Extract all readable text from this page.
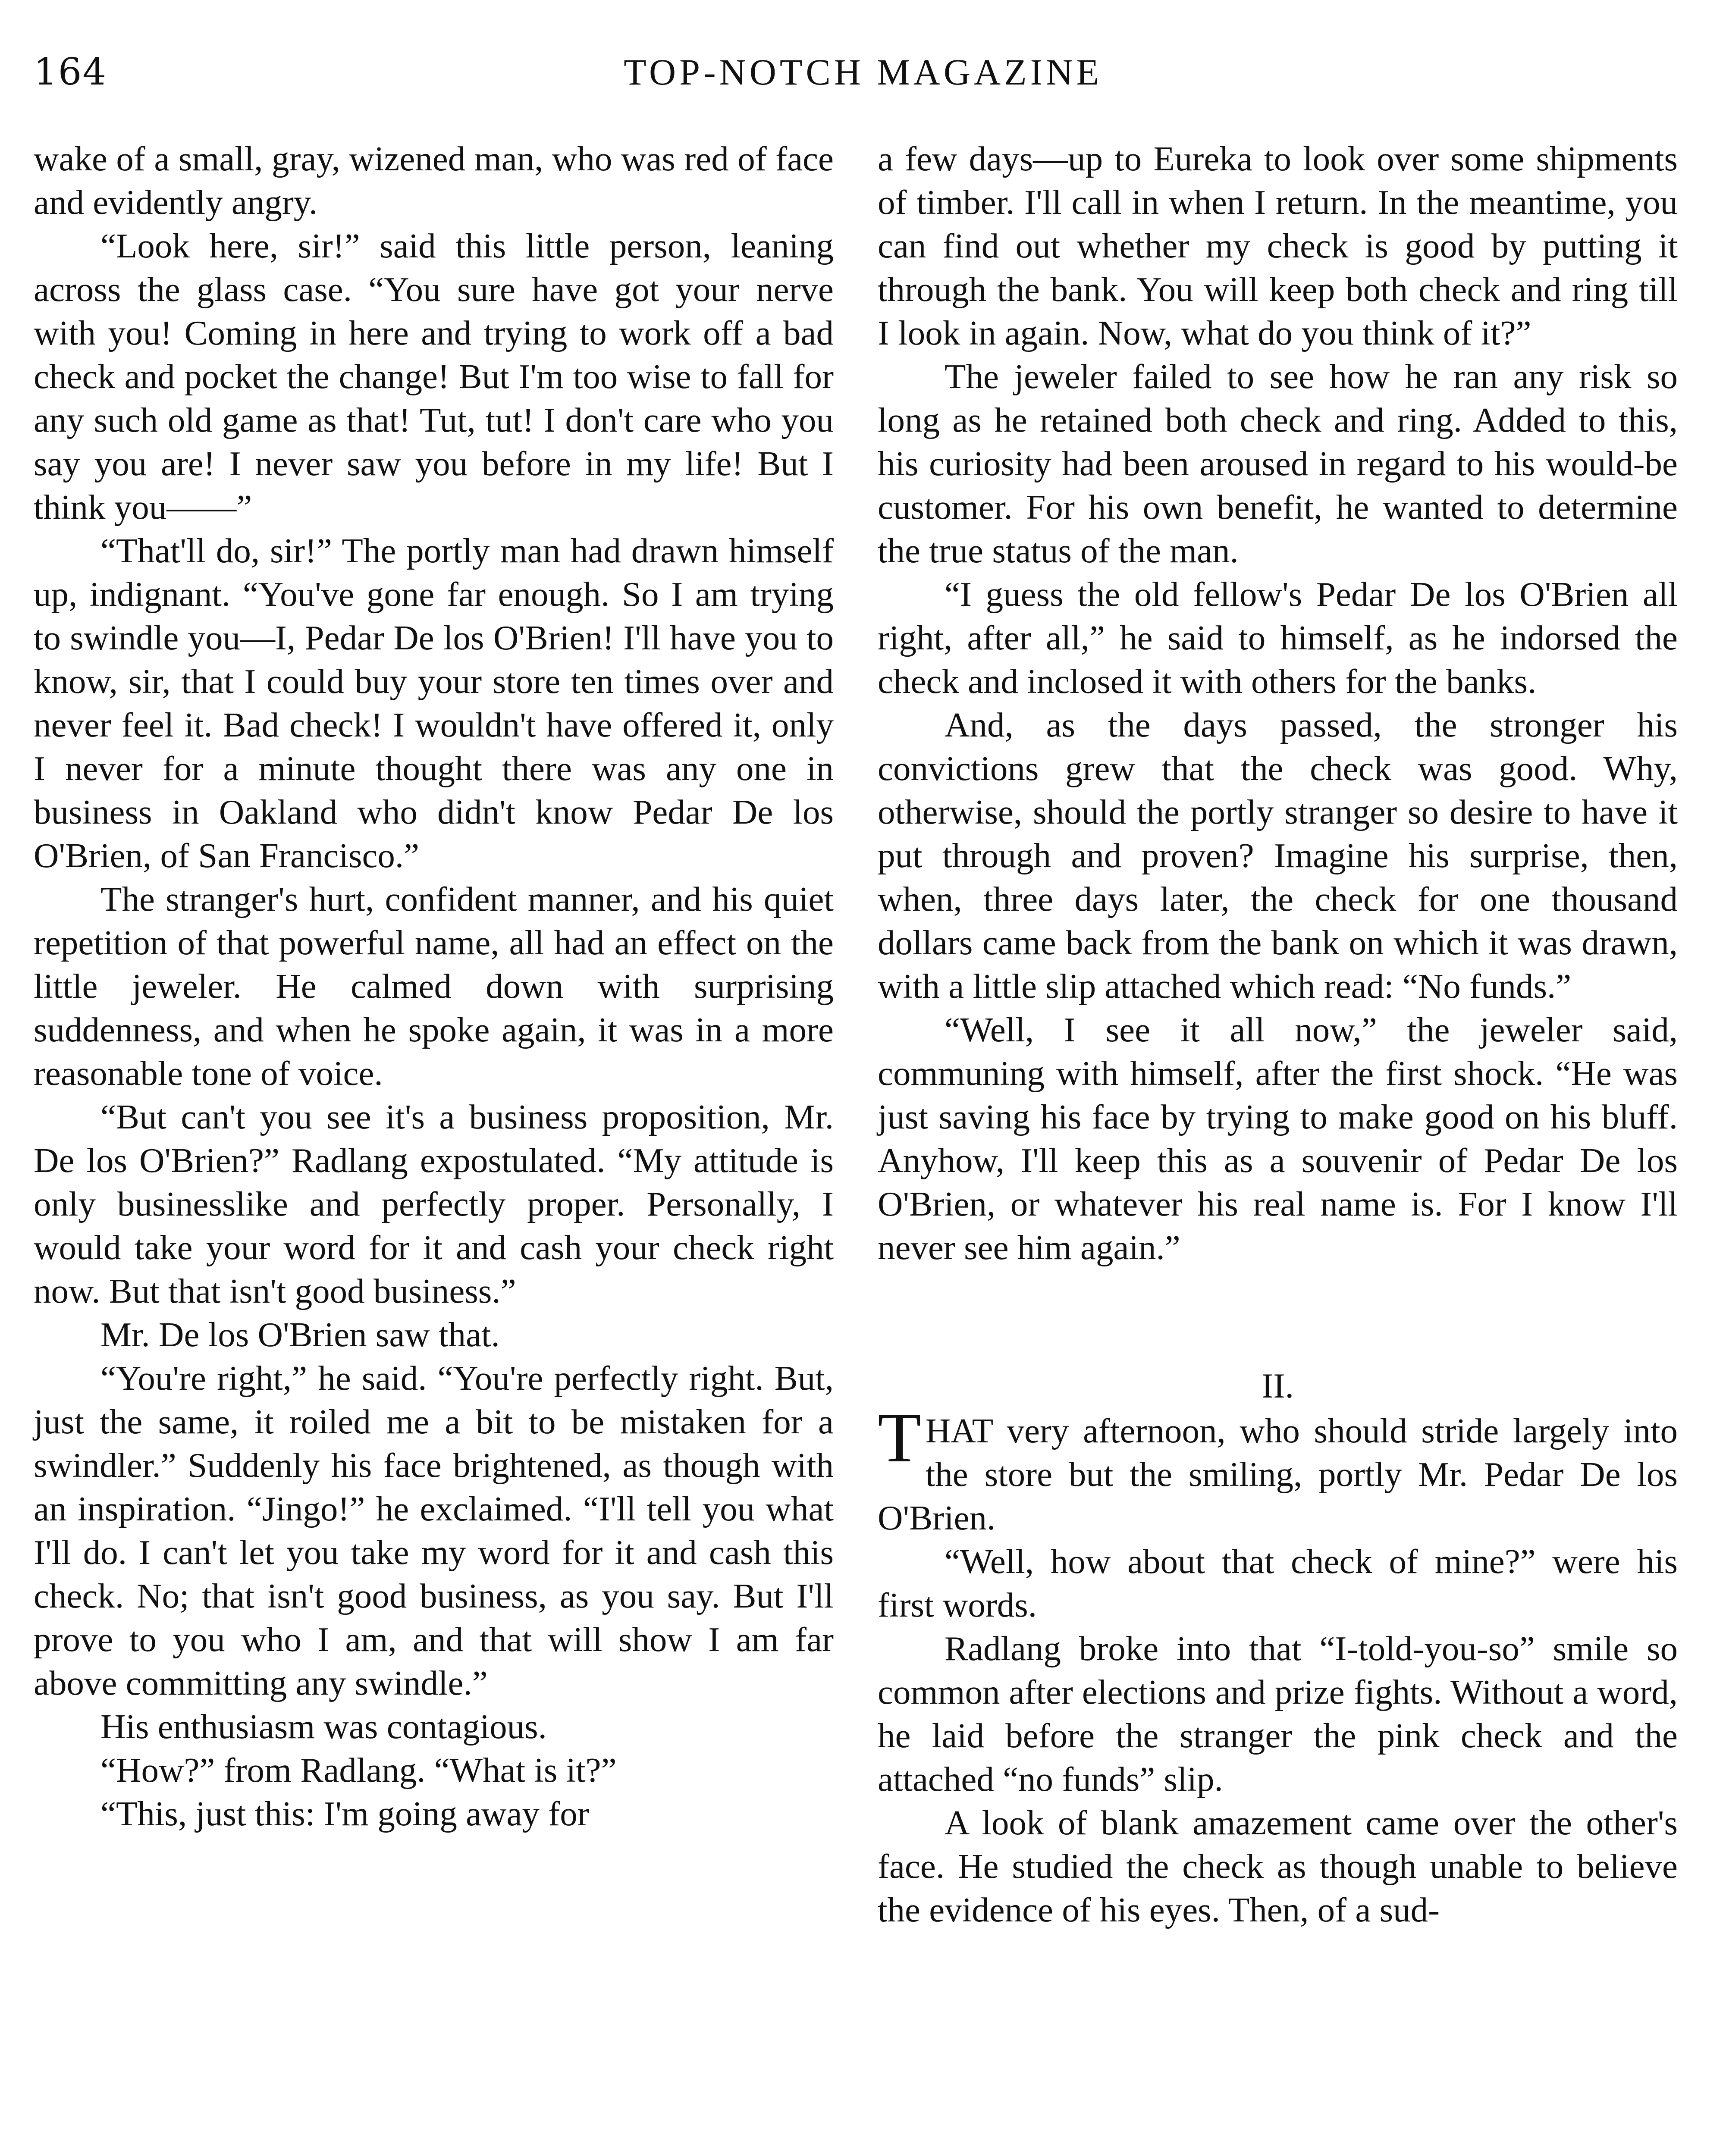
164	TOP-NOTCH MAGAZINE

wake of a small, gray, wizened man, who was red of face and evidently angry.

“Look here, sir!” said this little person, leaning across the glass case. “You sure have got your nerve with you! Coming in here and trying to work off a bad check and pocket the change! But I'm too wise to fall for any such old game as that! Tut, tut! I don't care who you say you are! I never saw you before in my life! But I think you——”

“That'll do, sir!” The portly man had drawn himself up, indignant. “You've gone far enough. So I am trying to swindle you—I, Pedar De los O'Brien! I'll have you to know, sir, that I could buy your store ten times over and never feel it. Bad check! I wouldn't have offered it, only I never for a minute thought there was any one in business in Oakland who didn't know Pedar De los O'Brien, of San Francisco.”

The stranger's hurt, confident manner, and his quiet repetition of that powerful name, all had an effect on the little jeweler. He calmed down with surprising suddenness, and when he spoke again, it was in a more reasonable tone of voice.

“But can't you see it's a business proposition, Mr. De los O'Brien?” Radlang expostulated. “My attitude is only businesslike and perfectly proper. Personally, I would take your word for it and cash your check right now. But that isn't good business.”

Mr. De los O'Brien saw that.

“You're right,” he said. “You're perfectly right. But, just the same, it roiled me a bit to be mistaken for a swindler.” Suddenly his face brightened, as though with an inspiration. “Jingo!” he exclaimed. “I'll tell you what I'll do. I can't let you take my word for it and cash this check. No; that isn't good business, as you say. But I'll prove to you who I am, and that will show I am far above committing any swindle.”

His enthusiasm was contagious.

“How?” from Radlang. “What is it?”

“This, just this: I'm going away for

a few days—up to Eureka to look over some shipments of timber. I'll call in when I return. In the meantime, you can find out whether my check is good by putting it through the bank. You will keep both check and ring till I look in again. Now, what do you think of it?”

The jeweler failed to see how he ran any risk so long as he retained both check and ring. Added to this, his curiosity had been aroused in regard to his would-be customer. For his own benefit, he wanted to determine the true status of the man.

“I guess the old fellow's Pedar De los O'Brien all right, after all,” he said to himself, as he indorsed the check and inclosed it with others for the banks.

And, as the days passed, the stronger his convictions grew that the check was good. Why, otherwise, should the portly stranger so desire to have it put through and proven? Imagine his surprise, then, when, three days later, the check for one thousand dollars came back from the bank on which it was drawn, with a little slip attached which read: “No funds.”

“Well, I see it all now,” the jeweler said, communing with himself, after the first shock. “He was just saving his face by trying to make good on his bluff. Anyhow, I'll keep this as a souvenir of Pedar De los O'Brien, or whatever his real name is. For I know I'll never see him again.”

II.

THAT very afternoon, who should stride largely into the store but the smiling, portly Mr. Pedar De los O'Brien.

“Well, how about that check of mine?” were his first words.

Radlang broke into that “I-told-you-so” smile so common after elections and prize fights. Without a word, he laid before the stranger the pink check and the attached “no funds” slip.

A look of blank amazement came over the other's face. He studied the check as though unable to believe the evidence of his eyes. Then, of a sud-
